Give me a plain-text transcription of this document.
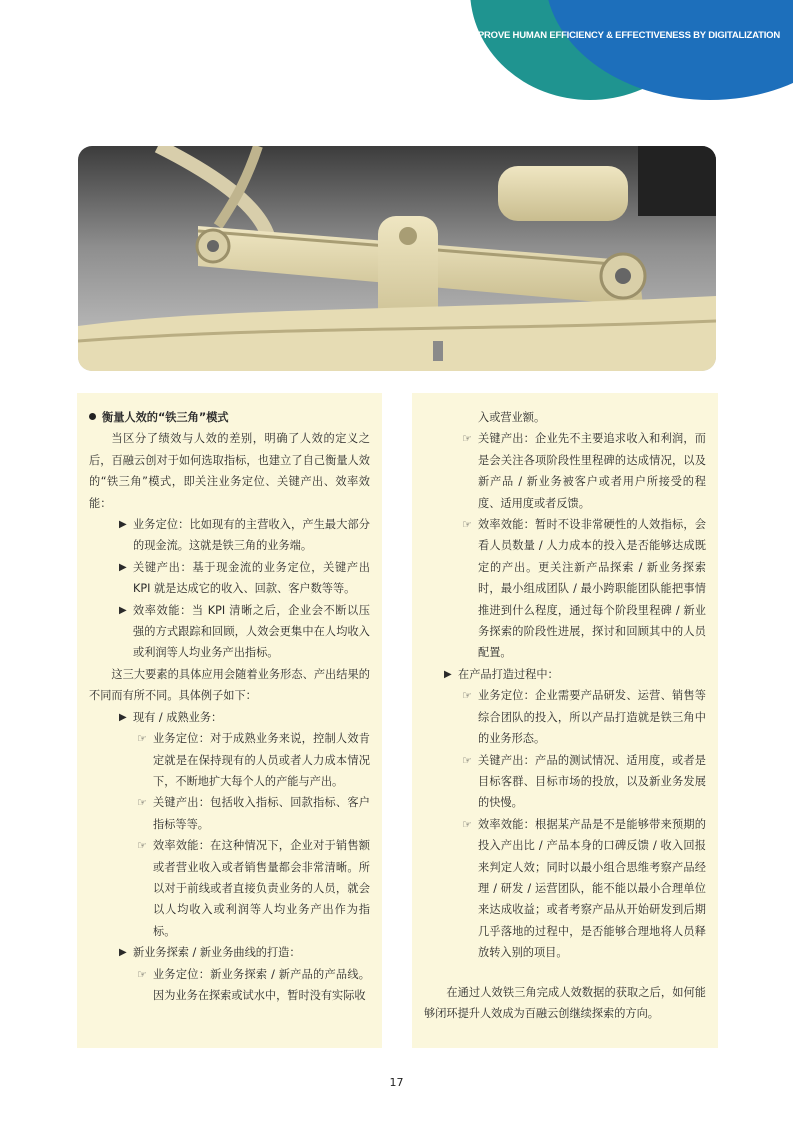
HOW TO IMPROVE HUMAN EFFICIENCY & EFFECTIVENESS BY DIGITALIZATION
衡量人效的“铁三角”模式

当区分了绩效与人效的差别，明确了人效的定义之后，百融云创对于如何选取指标，也建立了自己衡量人效的“铁三角”模式，即关注业务定位、关键产出、效率效能：

▶ 业务定位：比如现有的主营收入，产生最大部分的现金流。这就是铁三角的业务端。
▶ 关键产出：基于现金流的业务定位，关键产出 KPI 就是达成它的收入、回款、客户数等等。
▶ 效率效能：当 KPI 清晰之后，企业会不断以压强的方式跟踪和回顾，人效会更集中在人均收入或利润等人均业务产出指标。

这三大要素的具体应用会随着业务形态、产出结果的不同而有所不同。具体例子如下：

▶ 现有 / 成熟业务：
☞ 业务定位：对于成熟业务来说，控制人效肯定就是在保持现有的人员或者人力成本情况下，不断地扩大每个人的产能与产出。
☞ 关键产出：包括收入指标、回款指标、客户指标等等。
☞ 效率效能：在这种情况下，企业对于销售额或者营业收入或者销售量都会非常清晰。所以对于前线或者直接负责业务的人员，就会以人均收入或利润等人均业务产出作为指标。
▶ 新业务探索 / 新业务曲线的打造：
☞ 业务定位：新业务探索 / 新产品的产品线。因为业务在探索或试水中，暂时没有实际收
入或营业额。
☞ 关键产出：企业先不主要追求收入和利润，而是会关注各项阶段性里程碑的达成情况，以及新产品 / 新业务被客户或者用户所接受的程度、适用度或者反馈。
☞ 效率效能：暂时不设非常硬性的人效指标，会看人员数量 / 人力成本的投入是否能够达成既定的产出。更关注新产品探索 / 新业务探索时，最小组成团队 / 最小跨职能团队能把事情推进到什么程度，通过每个阶段里程碑 / 新业务探索的阶段性进展，探讨和回顾其中的人员配置。
▶ 在产品打造过程中：
☞ 业务定位：企业需要产品研发、运营、销售等综合团队的投入，所以产品打造就是铁三角中的业务形态。
☞ 关键产出：产品的测试情况、适用度，或者是目标客群、目标市场的投放，以及新业务发展的快慢。
☞ 效率效能：根据某产品是不是能够带来预期的投入产出比 / 产品本身的口碑反馈 / 收入回报来判定人效；同时以最小组合思维考察产品经理 / 研发 / 运营团队，能不能以最小合理单位来达成收益；或者考察产品从开始研发到后期几乎落地的过程中，是否能够合理地将人员释放转入别的项目。

在通过人效铁三角完成人效数据的获取之后，如何能够闭环提升人效成为百融云创继续探索的方向。

17
